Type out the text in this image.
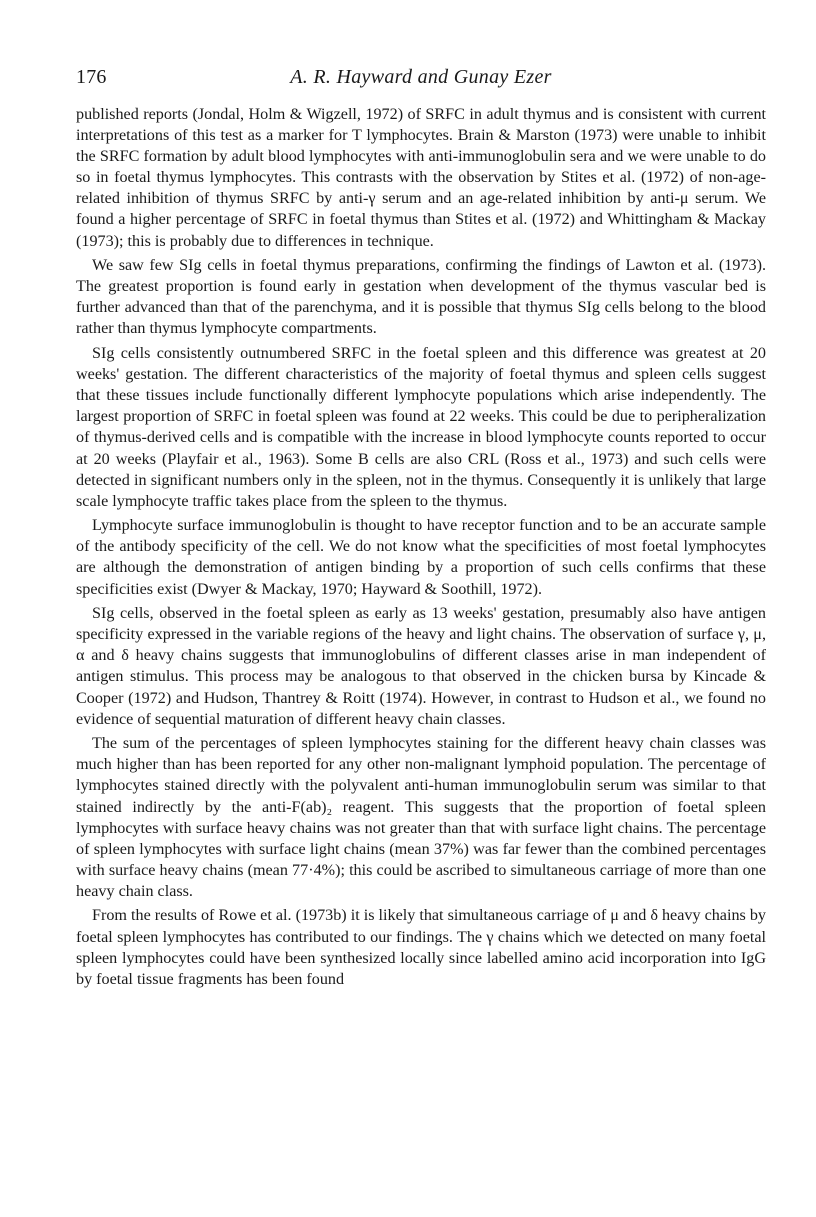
176	A. R. Hayward and Gunay Ezer

published reports (Jondal, Holm & Wigzell, 1972) of SRFC in adult thymus and is consistent with current interpretations of this test as a marker for T lymphocytes. Brain & Marston (1973) were unable to inhibit the SRFC formation by adult blood lymphocytes with anti-immunoglobulin sera and we were unable to do so in foetal thymus lymphocytes. This contrasts with the observation by Stites et al. (1972) of non-age-related inhibition of thymus SRFC by anti-γ serum and an age-related inhibition by anti-μ serum. We found a higher percentage of SRFC in foetal thymus than Stites et al. (1972) and Whittingham & Mackay (1973); this is probably due to differences in technique.

We saw few SIg cells in foetal thymus preparations, confirming the findings of Lawton et al. (1973). The greatest proportion is found early in gestation when development of the thymus vascular bed is further advanced than that of the parenchyma, and it is possible that thymus SIg cells belong to the blood rather than thymus lymphocyte compartments.

SIg cells consistently outnumbered SRFC in the foetal spleen and this difference was greatest at 20 weeks' gestation. The different characteristics of the majority of foetal thymus and spleen cells suggest that these tissues include functionally different lymphocyte populations which arise independently. The largest proportion of SRFC in foetal spleen was found at 22 weeks. This could be due to peripheralization of thymus-derived cells and is compatible with the increase in blood lymphocyte counts reported to occur at 20 weeks (Playfair et al., 1963). Some B cells are also CRL (Ross et al., 1973) and such cells were detected in significant numbers only in the spleen, not in the thymus. Consequently it is unlikely that large scale lymphocyte traffic takes place from the spleen to the thymus.

Lymphocyte surface immunoglobulin is thought to have receptor function and to be an accurate sample of the antibody specificity of the cell. We do not know what the specificities of most foetal lymphocytes are although the demonstration of antigen binding by a proportion of such cells confirms that these specificities exist (Dwyer & Mackay, 1970; Hayward & Soothill, 1972).

SIg cells, observed in the foetal spleen as early as 13 weeks' gestation, presumably also have antigen specificity expressed in the variable regions of the heavy and light chains. The observation of surface γ, μ, α and δ heavy chains suggests that immunoglobulins of different classes arise in man independent of antigen stimulus. This process may be analogous to that observed in the chicken bursa by Kincade & Cooper (1972) and Hudson, Thantrey & Roitt (1974). However, in contrast to Hudson et al., we found no evidence of sequential maturation of different heavy chain classes.

The sum of the percentages of spleen lymphocytes staining for the different heavy chain classes was much higher than has been reported for any other non-malignant lymphoid population. The percentage of lymphocytes stained directly with the polyvalent anti-human immunoglobulin serum was similar to that stained indirectly by the anti-F(ab)₂ reagent. This suggests that the proportion of foetal spleen lymphocytes with surface heavy chains was not greater than that with surface light chains. The percentage of spleen lymphocytes with surface light chains (mean 37%) was far fewer than the combined percentages with surface heavy chains (mean 77·4%); this could be ascribed to simultaneous carriage of more than one heavy chain class.

From the results of Rowe et al. (1973b) it is likely that simultaneous carriage of μ and δ heavy chains by foetal spleen lymphocytes has contributed to our findings. The γ chains which we detected on many foetal spleen lymphocytes could have been synthesized locally since labelled amino acid incorporation into IgG by foetal tissue fragments has been found
